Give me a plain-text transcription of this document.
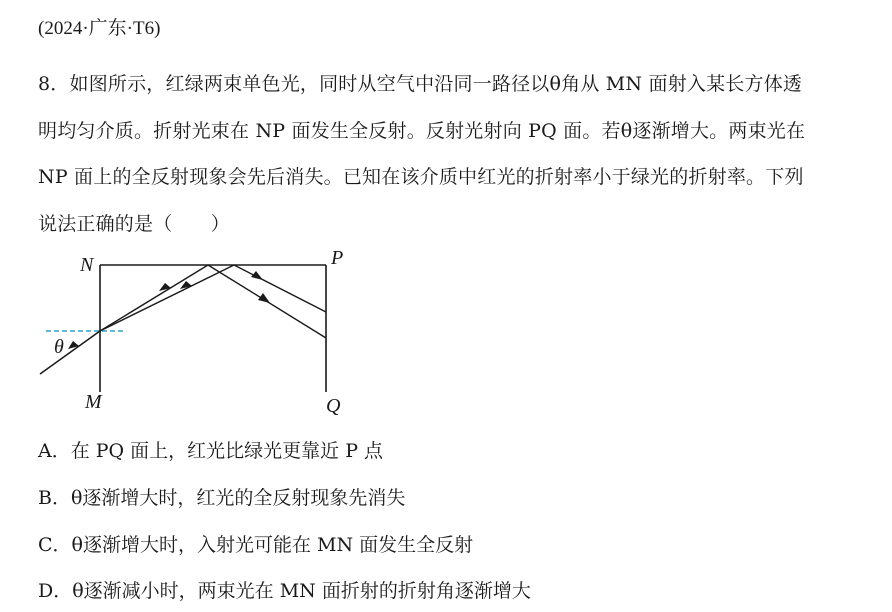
(2024·广东·T6)
8．如图所示，红绿两束单色光，同时从空气中沿同一路径以θ角从 MN 面射入某长方体透
明均匀介质。折射光束在 NP 面发生全反射。反射光射向 PQ 面。若θ逐渐增大。两束光在
NP 面上的全反射现象会先后消失。已知在该介质中红光的折射率小于绿光的折射率。下列
说法正确的是（　　）
N	P
M	Q
θ
A．在 PQ 面上，红光比绿光更靠近 P 点
B．θ逐渐增大时，红光的全反射现象先消失
C．θ逐渐增大时，入射光可能在 MN 面发生全反射
D．θ逐渐减小时，两束光在 MN 面折射的折射角逐渐增大
